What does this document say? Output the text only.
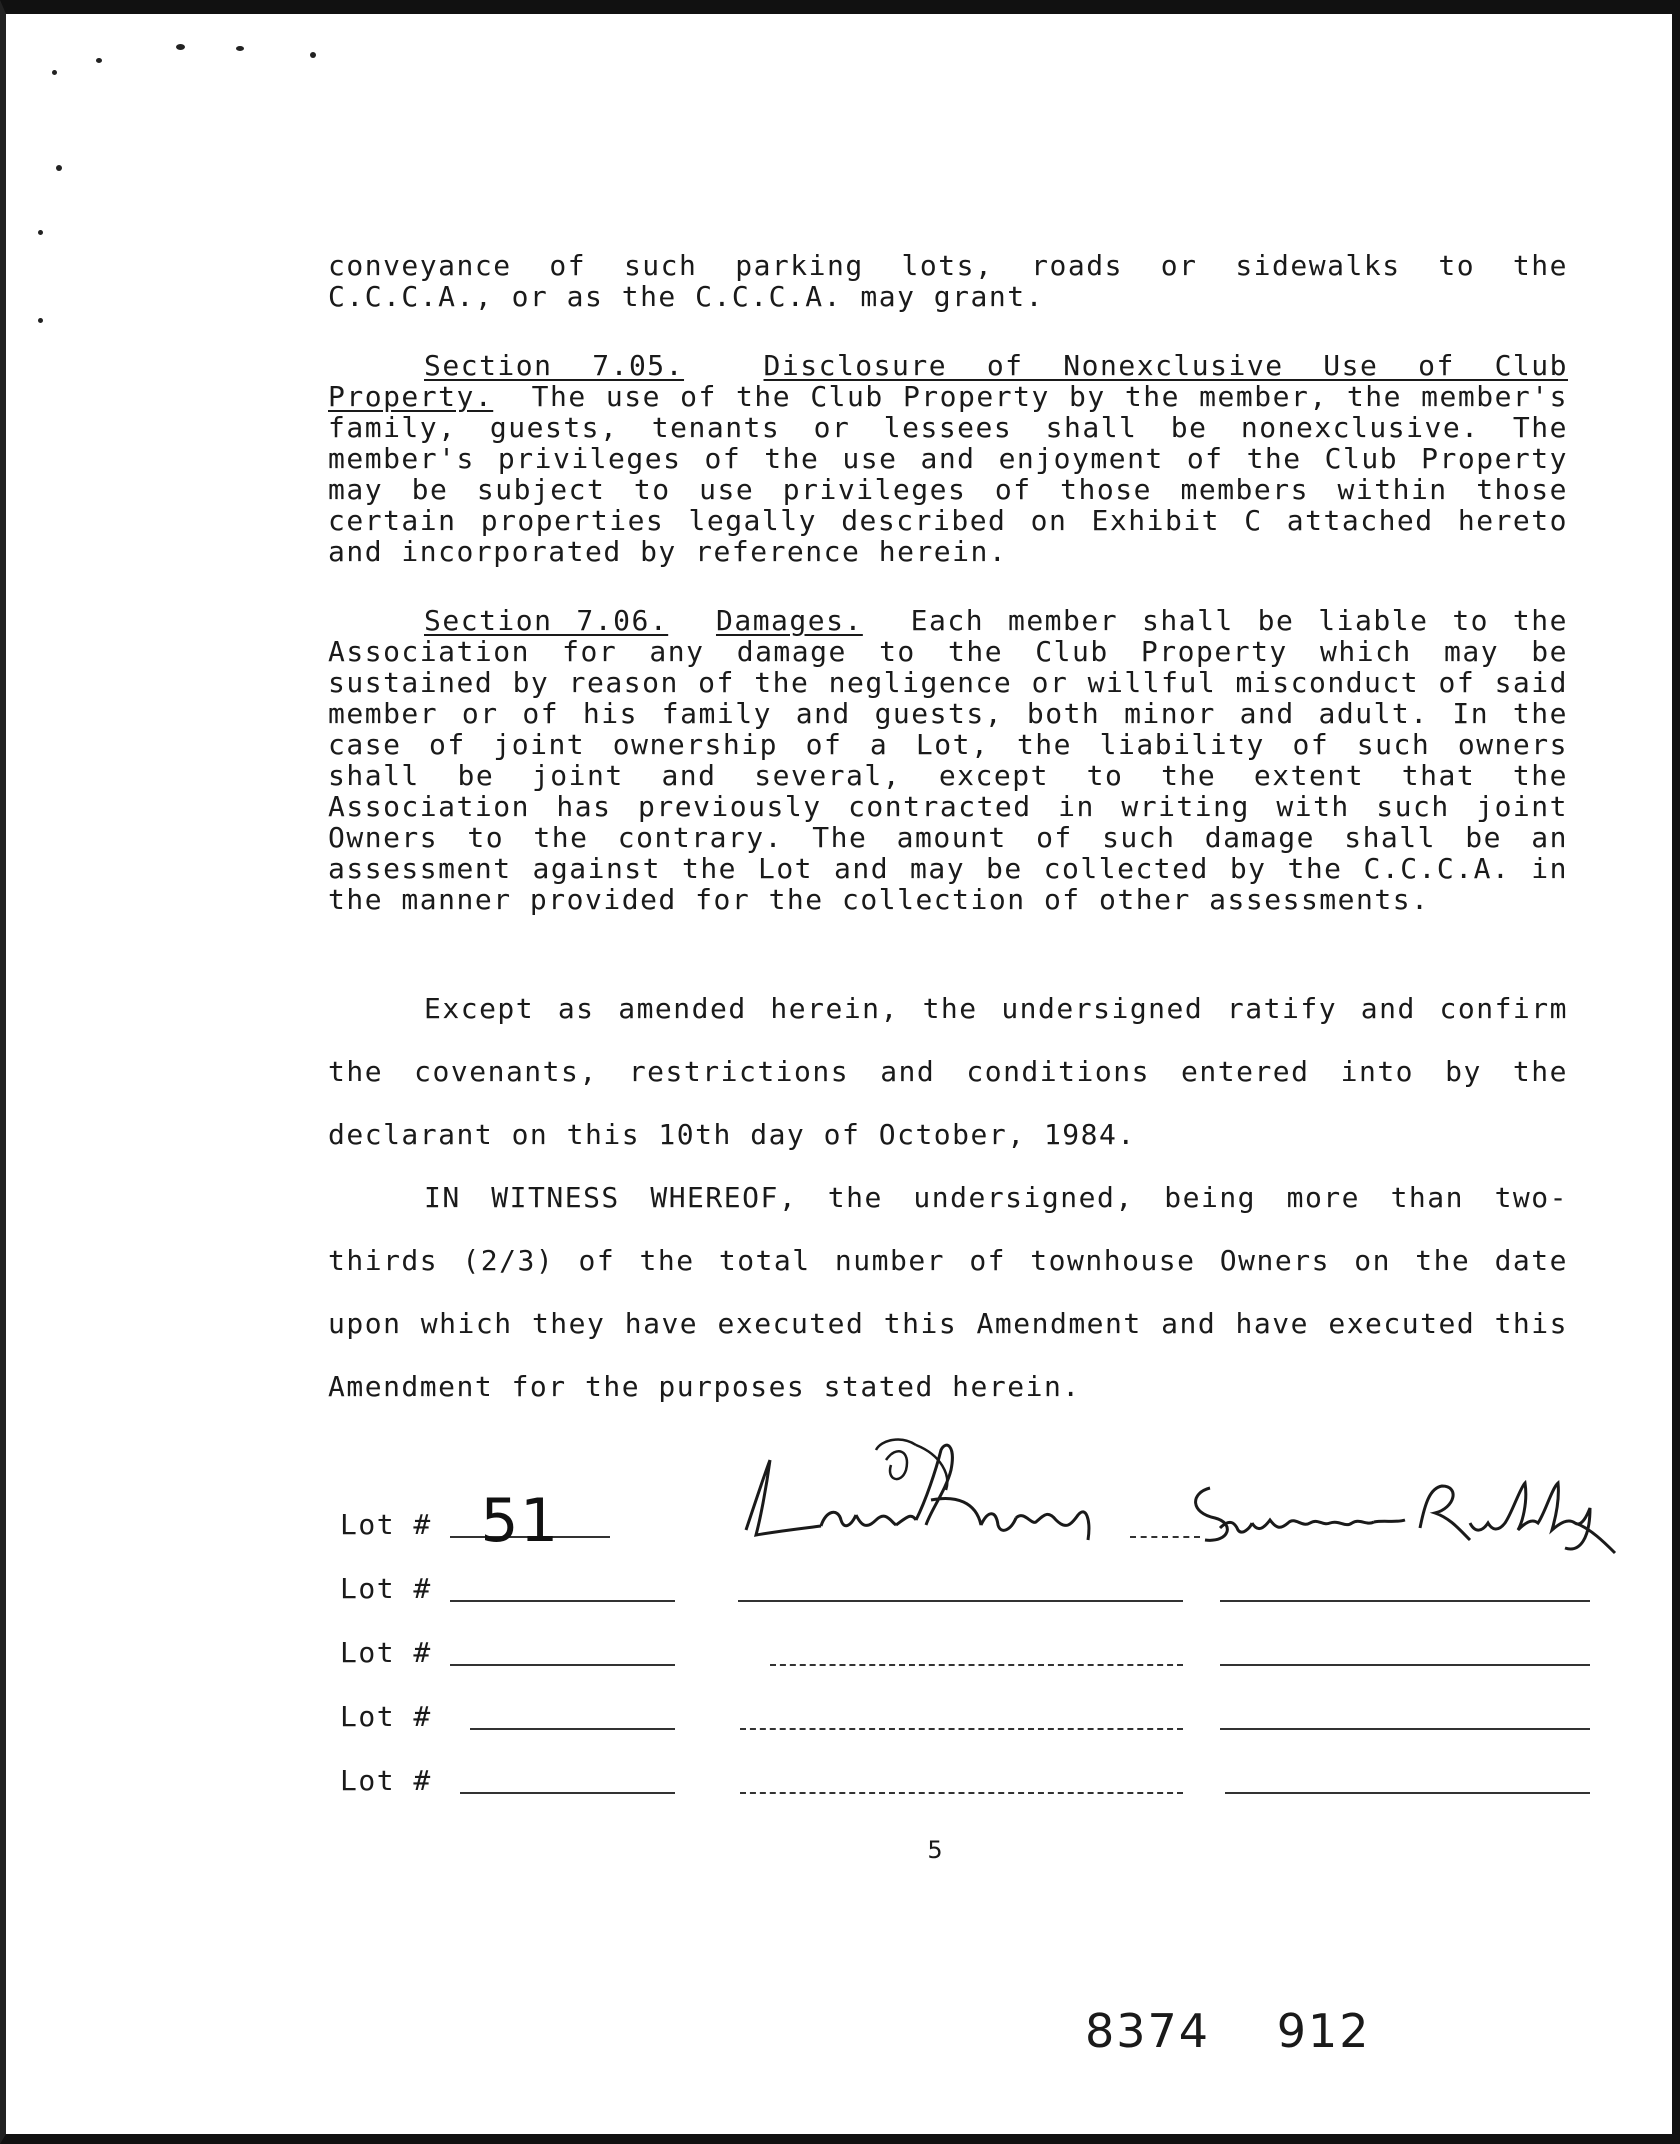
conveyance of such parking lots, roads or sidewalks to the C.C.C.A., or as the C.C.C.A. may grant.

Section 7.05.	Disclosure of Nonexclusive Use of Club Property. The use of the Club Property by the member, the member's family, guests, tenants or lessees shall be nonexclusive. The member's privileges of the use and enjoyment of the Club Property may be subject to use privileges of those members within those certain properties legally described on Exhibit C attached hereto and incorporated by reference herein.

Section 7.06. Damages. Each member shall be liable to the Association for any damage to the Club Property which may be sustained by reason of the negligence or willful misconduct of said member or of his family and guests, both minor and adult. In the case of joint ownership of a Lot, the liability of such owners shall be joint and several, except to the extent that the Association has previously contracted in writing with such joint Owners to the contrary. The amount of such damage shall be an assessment against the Lot and may be collected by the C.C.C.A. in the manner provided for the collection of other assessments.

Except as amended herein, the undersigned ratify and confirm the covenants, restrictions and conditions entered into by the declarant on this 10th day of October, 1984.

IN WITNESS WHEREOF, the undersigned, being more than two-thirds (2/3) of the total number of townhouse Owners on the date upon which they have executed this Amendment and have executed this Amendment for the purposes stated herein.

Lot # 51
Lot #
Lot #
Lot #
Lot #
5
8374 912
